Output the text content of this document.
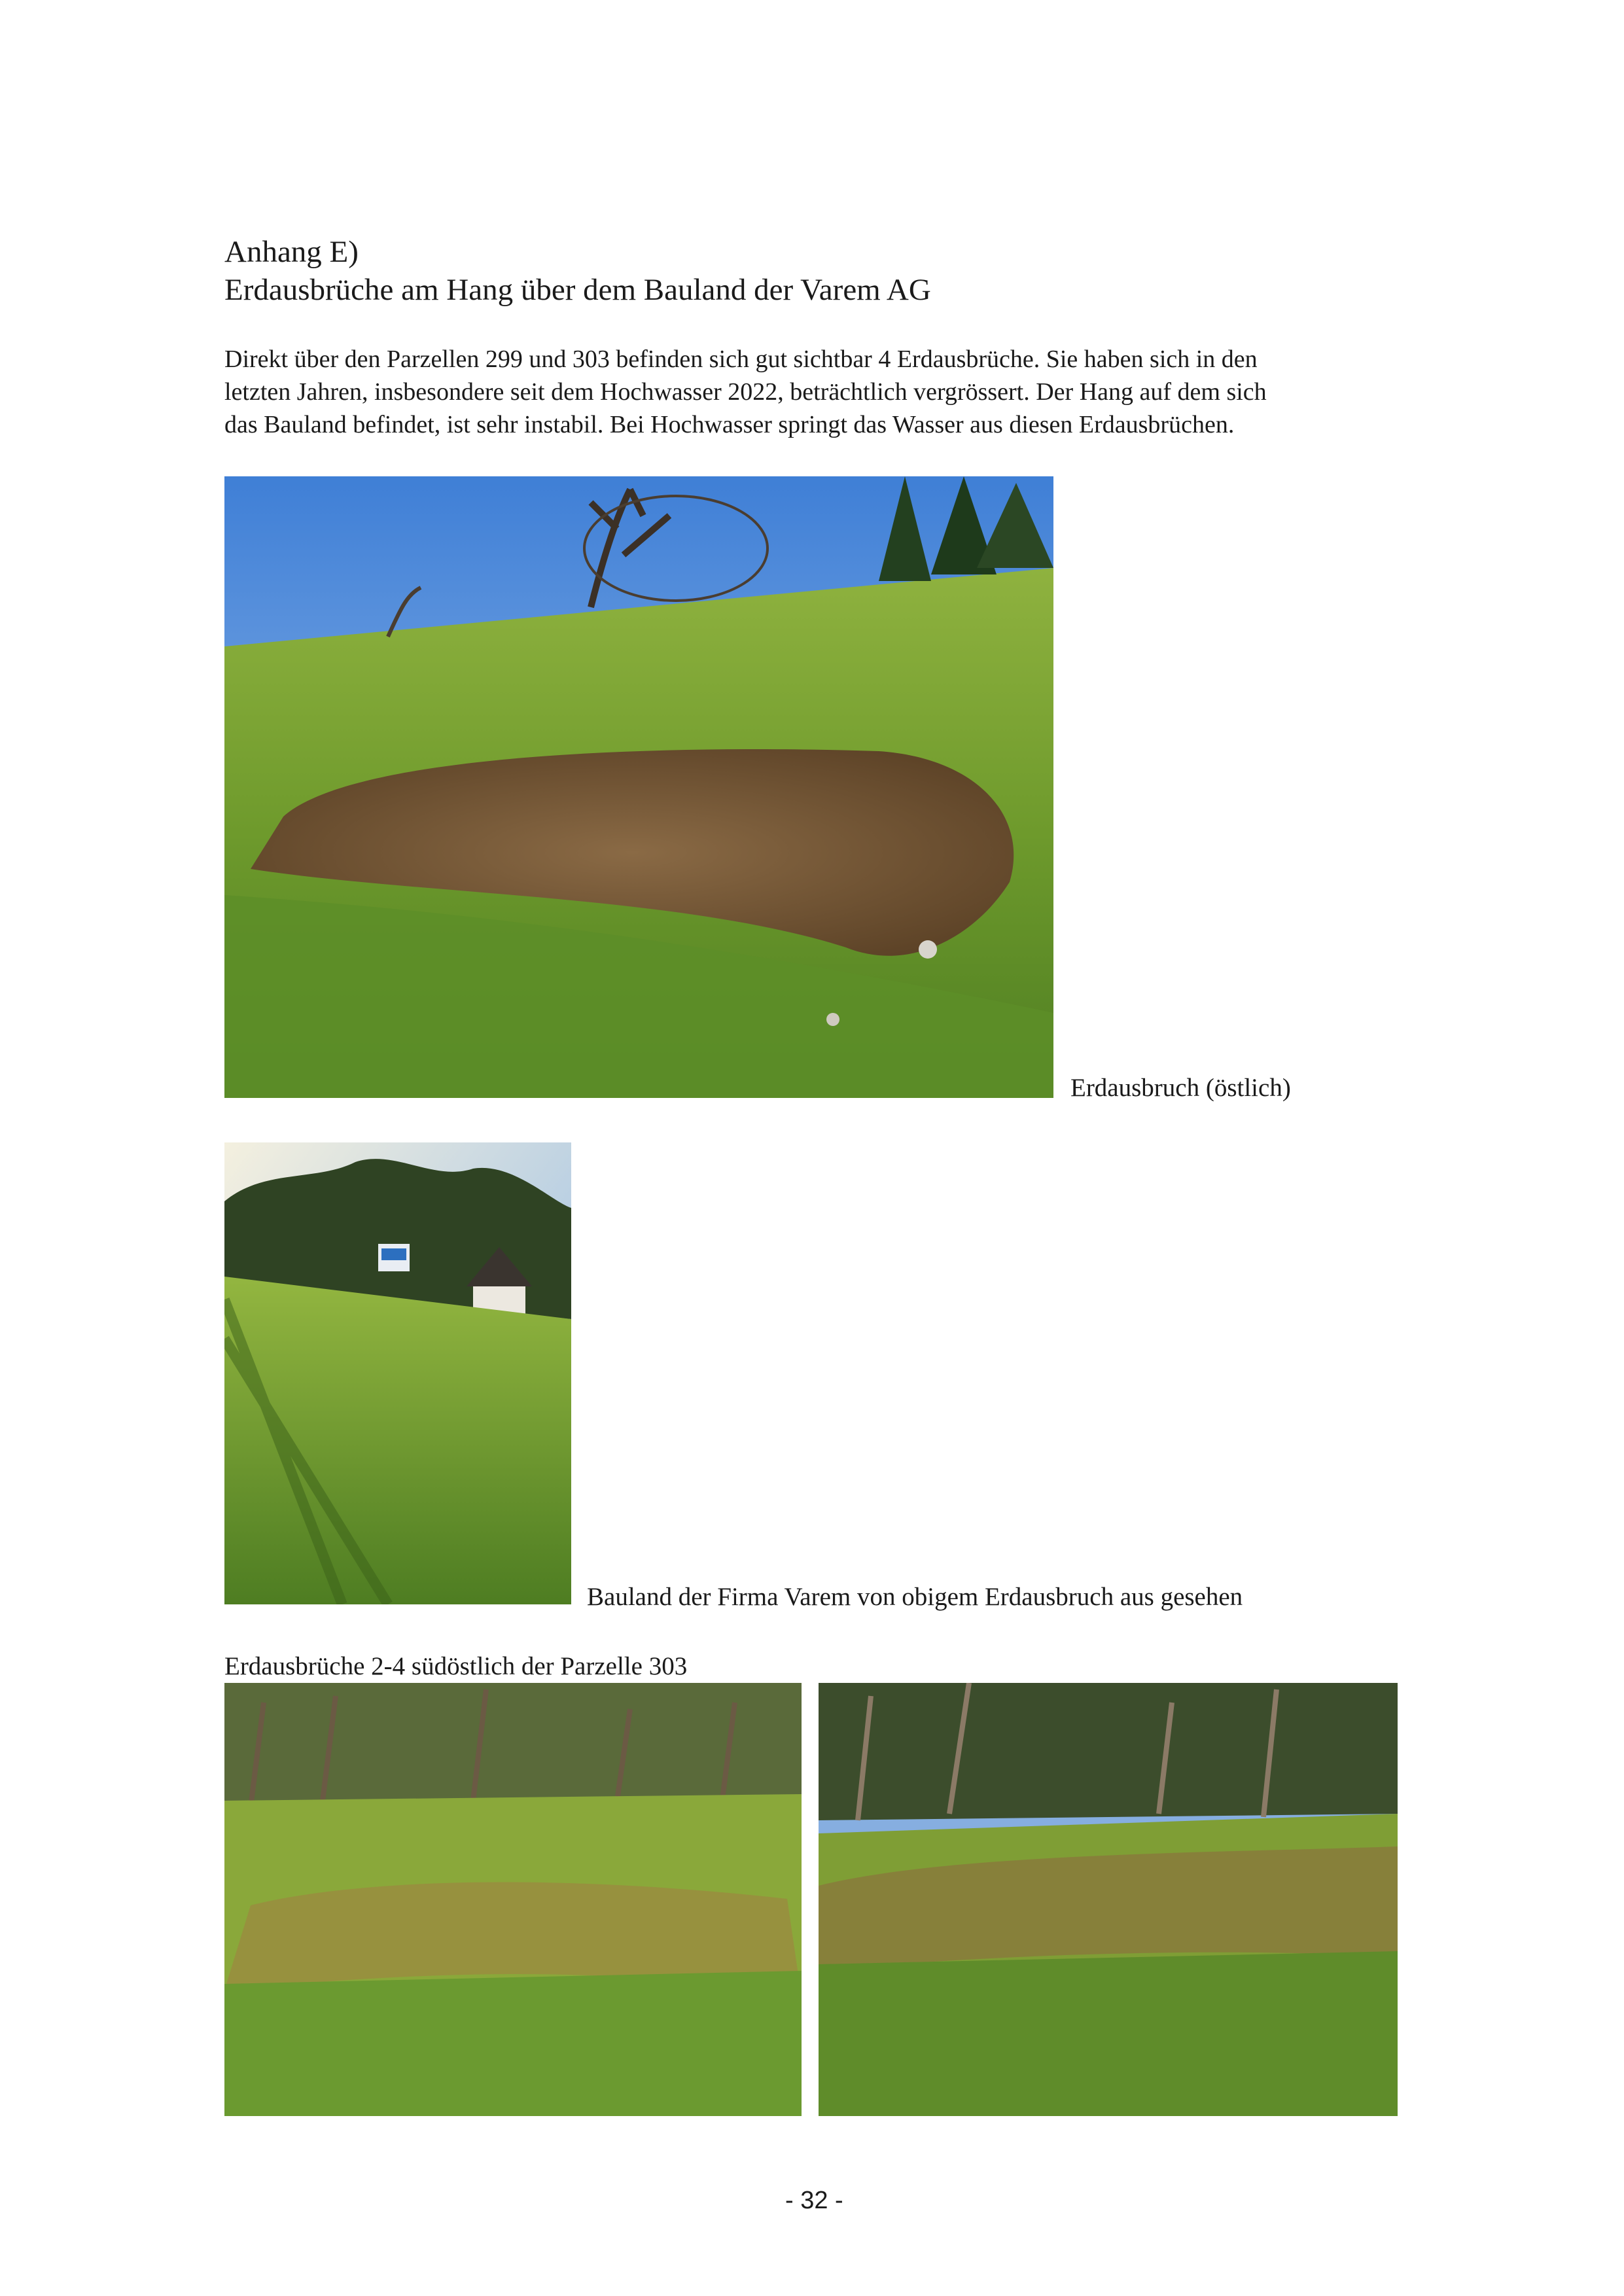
Anhang E)
Erdausbrüche am Hang über dem Bauland der Varem AG
Direkt über den Parzellen 299 und 303 befinden sich gut sichtbar 4 Erdausbrüche. Sie haben sich in den
letzten Jahren, insbesondere seit dem Hochwasser 2022, beträchtlich vergrössert. Der Hang auf dem sich
das Bauland befindet, ist sehr instabil. Bei Hochwasser springt das Wasser aus diesen Erdausbrüchen.
Erdausbruch (östlich)
Bauland der Firma Varem von obigem Erdausbruch aus gesehen
Erdausbrüche 2-4 südöstlich der Parzelle 303
- 32 -
